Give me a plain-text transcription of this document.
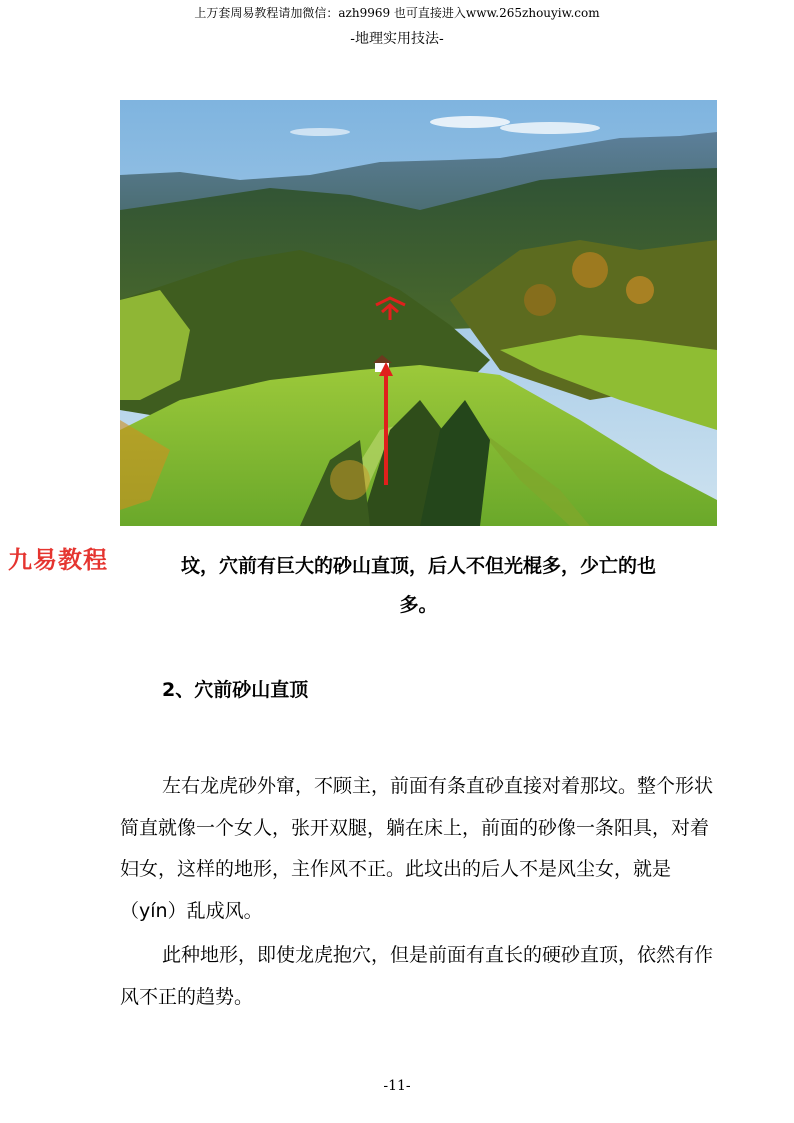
上万套周易教程请加微信：azh9969 也可直接进入www.265zhouyiw.com
-地理实用技法-
九易教程	坟，穴前有巨大的砂山直顶，后人不但光棍多，少亡的也
多。
2、穴前砂山直顶

左右龙虎砂外窜，不顾主，前面有条直砂直接对着那坟。整个形状简直就像一个女人，张开双腿，躺在床上，前面的砂像一条阳具，对着妇女，这样的地形，主作风不正。此坟出的后人不是风尘女，就是（yín）乱成风。

此种地形，即使龙虎抱穴，但是前面有直长的硬砂直顶，依然有作风不正的趋势。

-11-
